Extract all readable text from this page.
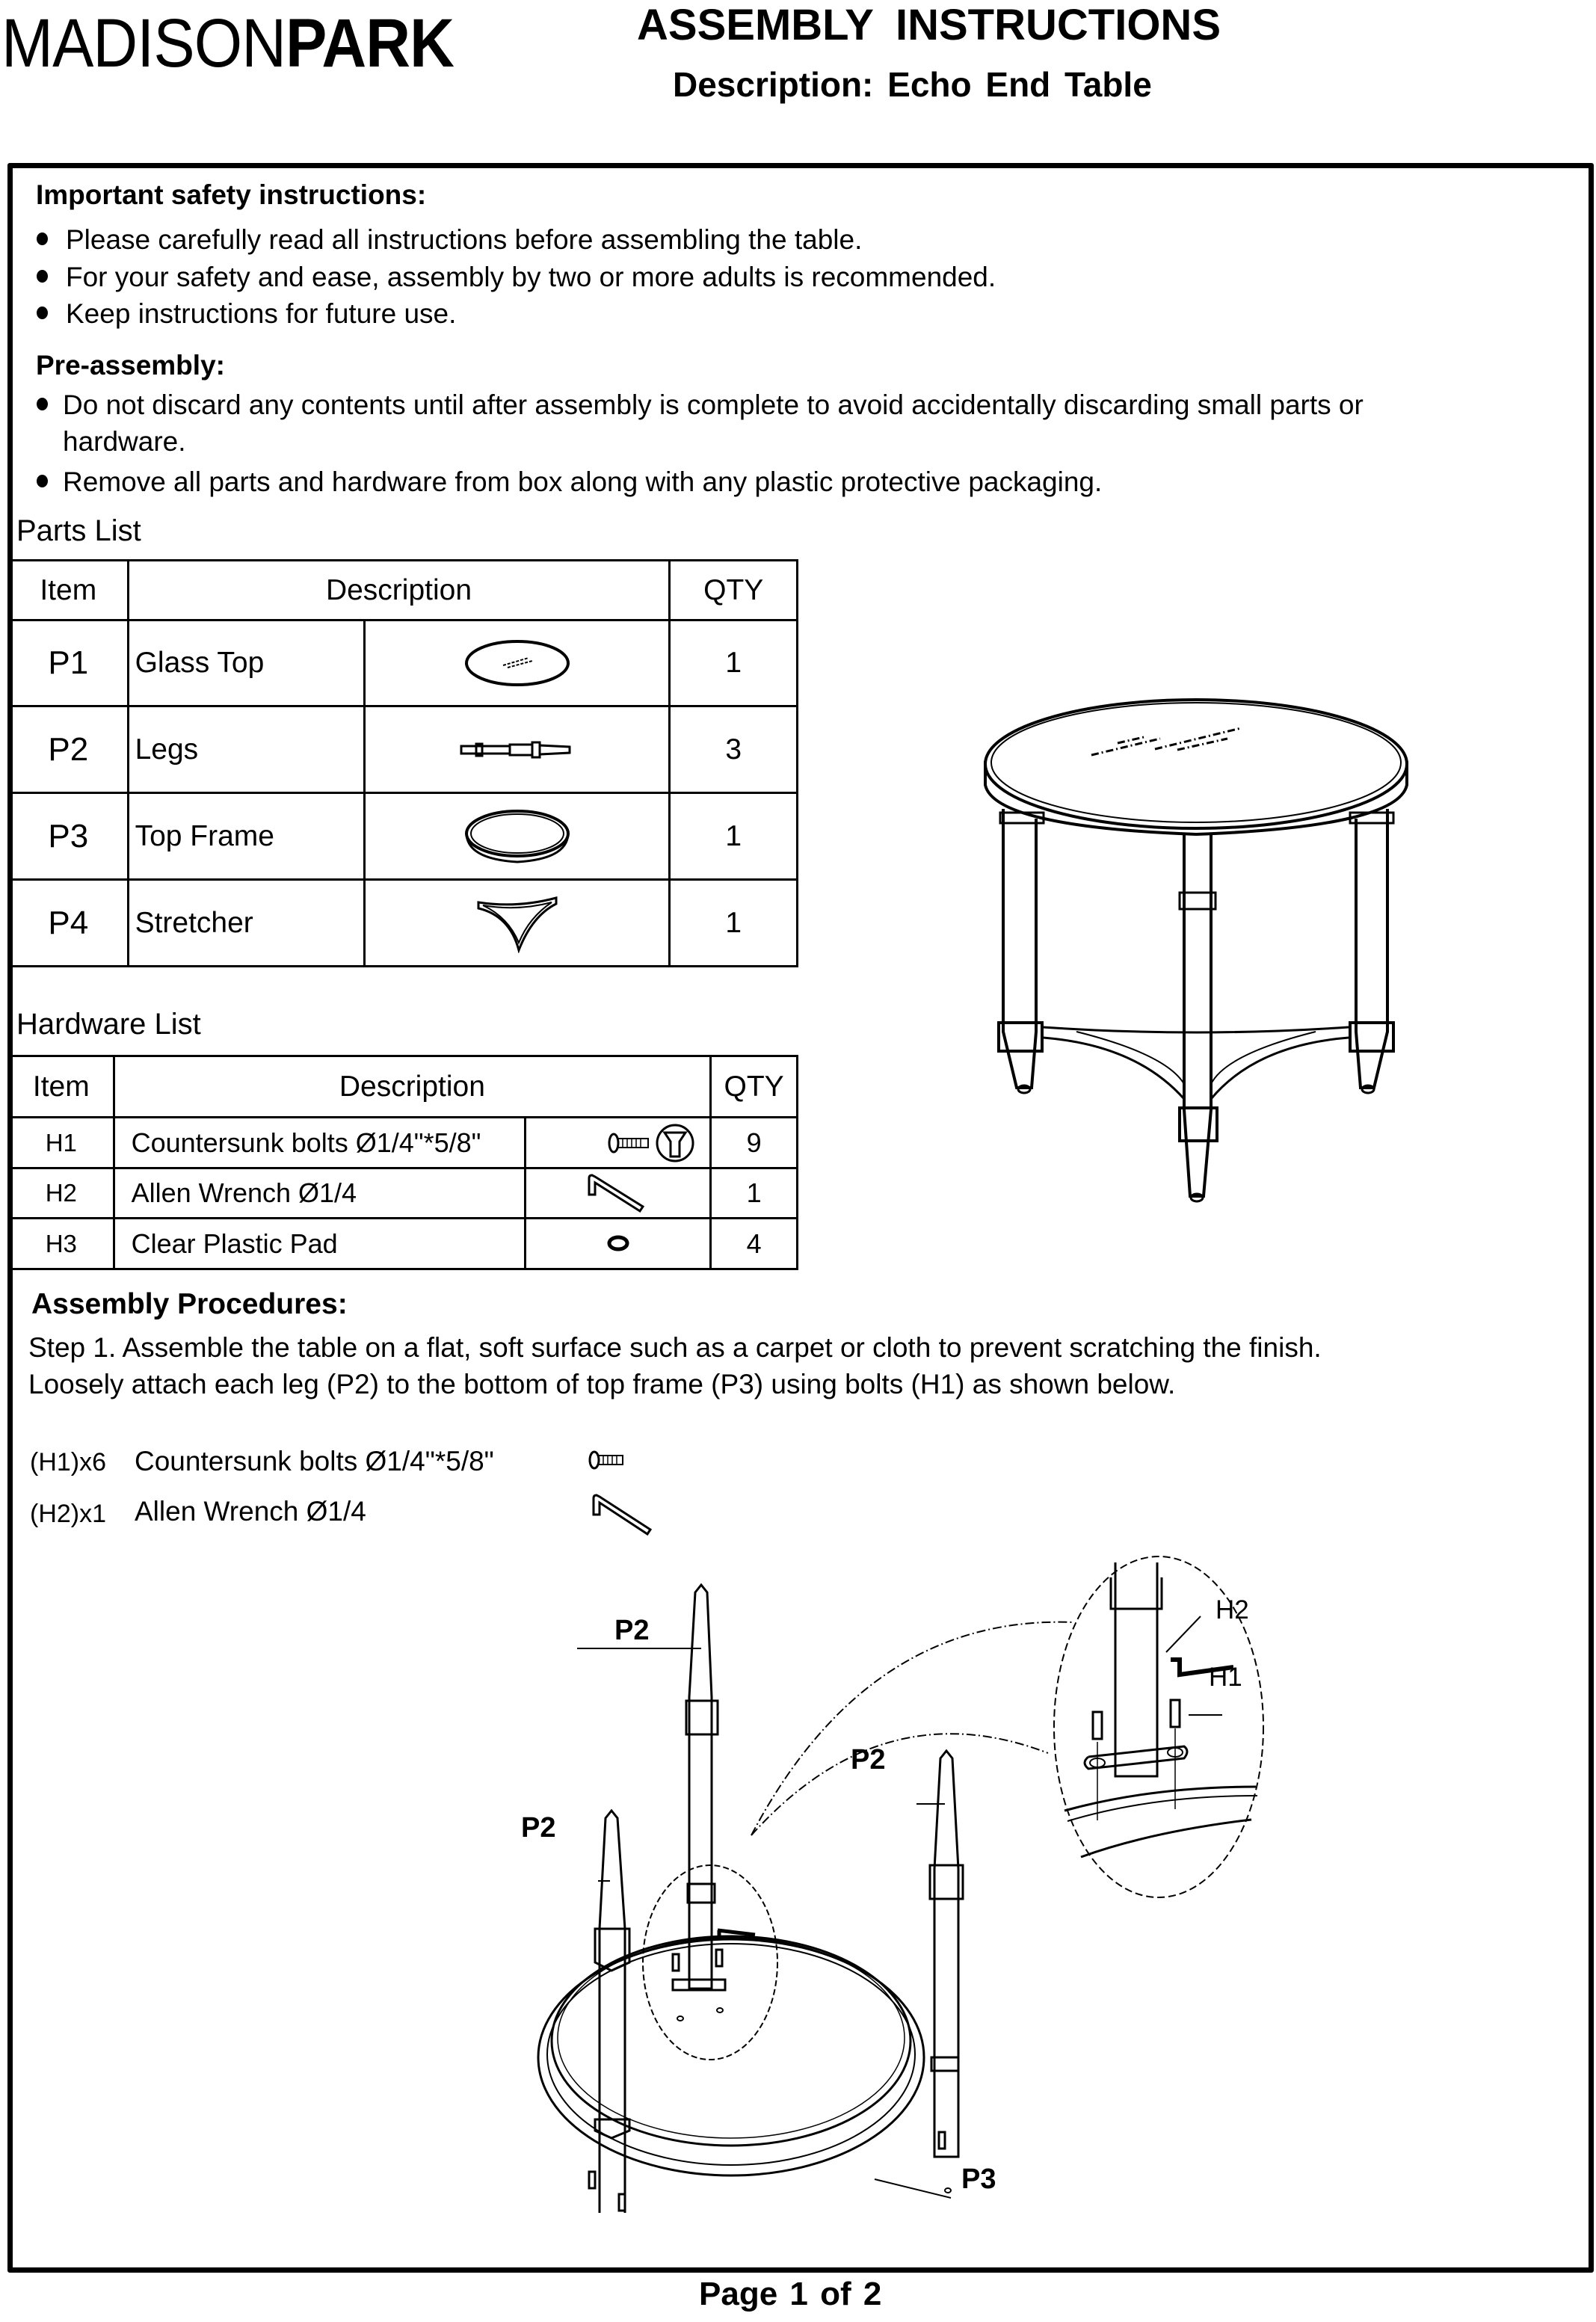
MADISONPARK	ASSEMBLY INSTRUCTIONS
Description: Echo End Table
Important safety instructions:
Please carefully read all instructions before assembling the table.
For your safety and ease, assembly by two or more adults is recommended.
Keep instructions for future use.
Pre-assembly:
Do not discard any contents until after assembly is complete to avoid accidentally discarding small parts or
hardware.
Remove all parts and hardware from box along with any plastic protective packaging.
Parts List
Item	Description		QTY
P1	Glass Top		1
P2	Legs		3
P3	Top Frame		1
P4	Stretcher		1
Hardware List
Item	Description		QTY
H1	Countersunk bolts Ø1/4"*5/8"		9
H2	Allen Wrench Ø1/4		1
H3	Clear Plastic Pad		4
Assembly Procedures:
Step 1. Assemble the table on a flat, soft surface such as a carpet or cloth to prevent scratching the finish.
Loosely attach each leg (P2) to the bottom of top frame (P3) using bolts (H1) as shown below.
(H1)x6 Countersunk bolts Ø1/4"*5/8"
(H2)x1 Allen Wrench Ø1/4
P2
P2
P2
P3
H2
H1
Page 1 of 2
